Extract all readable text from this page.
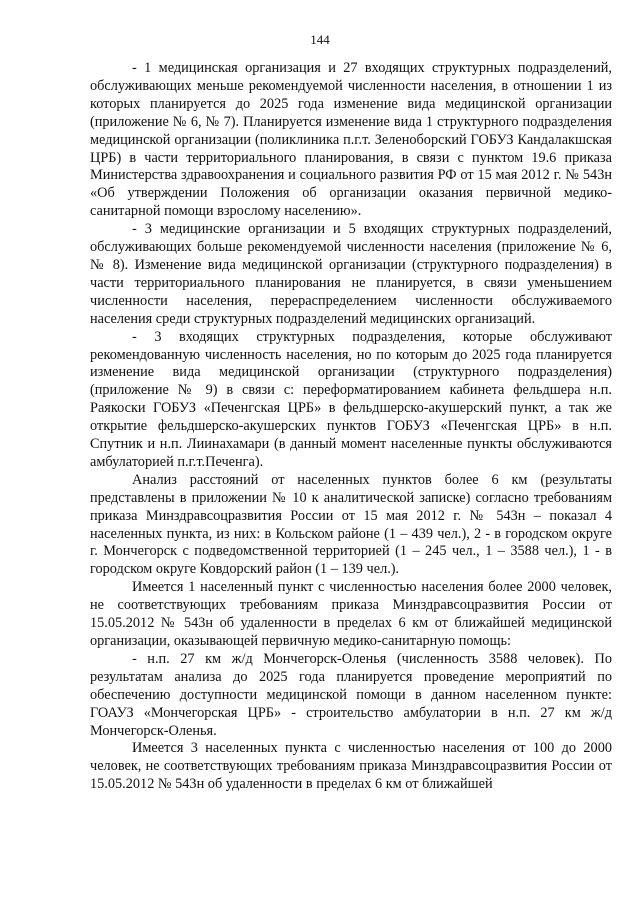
144

- 1 медицинская организация и 27 входящих структурных подразделений, обслуживающих меньше рекомендуемой численности населения, в отношении 1 из которых планируется до 2025 года изменение вида медицинской организации (приложение № 6, № 7). Планируется изменение вида 1 структурного подразделения медицинской организации (поликлиника п.г.т. Зеленоборский ГОБУЗ Кандалакшская ЦРБ) в части территориального планирования, в связи с пунктом 19.6 приказа Министерства здравоохранения и социального развития РФ от 15 мая 2012 г. № 543н «Об утверждении Положения об организации оказания первичной медико-санитарной помощи взрослому населению».

- 3 медицинские организации и 5 входящих структурных подразделений, обслуживающих больше рекомендуемой численности населения (приложение № 6, № 8). Изменение вида медицинской организации (структурного подразделения) в части территориального планирования не планируется, в связи уменьшением численности населения, перераспределением численности обслуживаемого населения среди структурных подразделений медицинских организаций.

- 3 входящих структурных подразделения, которые обслуживают рекомендованную численность населения, но по которым до 2025 года планируется изменение вида медицинской организации (структурного подразделения) (приложение № 9) в связи с: переформатированием кабинета фельдшера н.п. Раякоски ГОБУЗ «Печенгская ЦРБ» в фельдшерско-акушерский пункт, а так же открытие фельдшерско-акушерских пунктов ГОБУЗ «Печенгская ЦРБ» в н.п. Спутник и н.п. Лиинахамари (в данный момент населенные пункты обслуживаются амбулаторией п.г.т.Печенга).

Анализ расстояний от населенных пунктов более 6 км (результаты представлены в приложении № 10 к аналитической записке) согласно требованиям приказа Минздравсоцразвития России от 15 мая 2012 г. № 543н – показал 4 населенных пункта, из них: в Кольском районе (1 – 439 чел.), 2 - в городском округе г. Мончегорск с подведомственной территорией (1 – 245 чел., 1 – 3588 чел.), 1 - в городском округе Ковдорский район (1 – 139 чел.).

Имеется 1 населенный пункт с численностью населения более 2000 человек, не соответствующих требованиям приказа Минздравсоцразвития России от 15.05.2012 № 543н об удаленности в пределах 6 км от ближайшей медицинской организации, оказывающей первичную медико-санитарную помощь:

- н.п. 27 км ж/д Мончегорск-Оленья (численность 3588 человек). По результатам анализа до 2025 года планируется проведение мероприятий по обеспечению доступности медицинской помощи в данном населенном пункте: ГОАУЗ «Мончегорская ЦРБ» - строительство амбулатории в н.п. 27 км ж/д Мончегорск-Оленья.

Имеется 3 населенных пункта с численностью населения от 100 до 2000 человек, не соответствующих требованиям приказа Минздравсоцразвития России от 15.05.2012 № 543н об удаленности в пределах 6 км от ближайшей
